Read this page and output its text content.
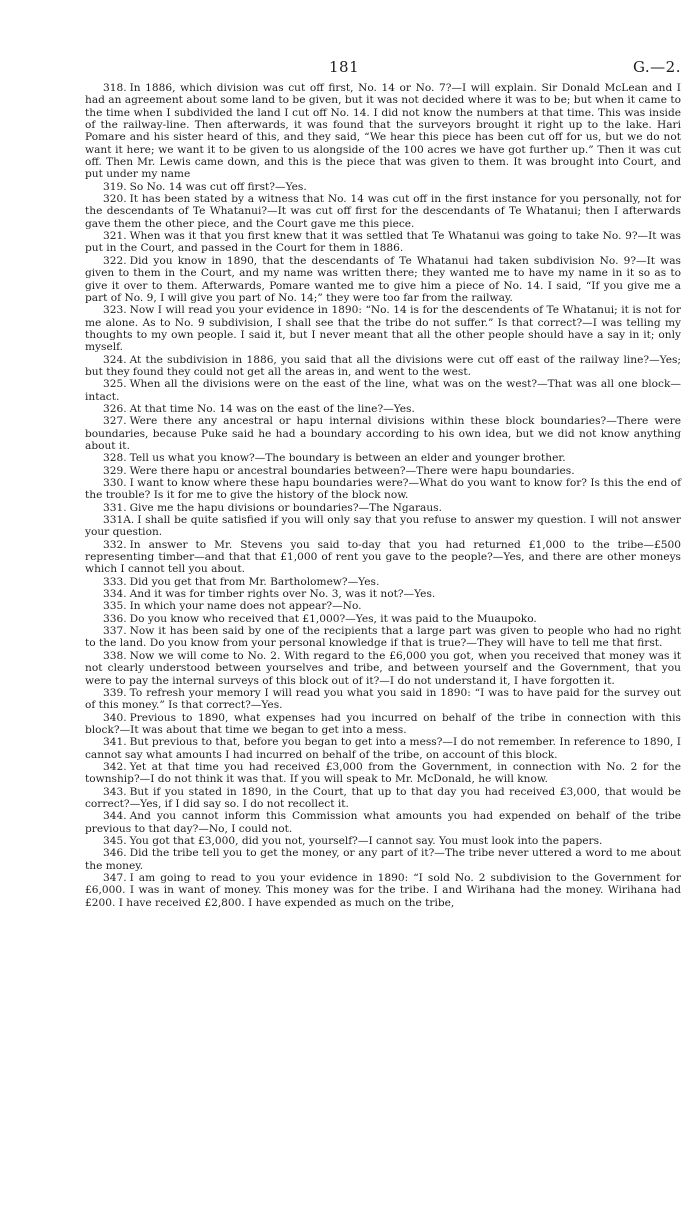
181	G.—2.

318. In 1886, which division was cut off first, No. 14 or No. 7?—I will explain. Sir Donald McLean and I had an agreement about some land to be given, but it was not decided where it was to be; but when it came to the time when I subdivided the land I cut off No. 14. I did not know the numbers at that time. This was inside of the railway-line. Then afterwards, it was found that the surveyors brought it right up to the lake. Hari Pomare and his sister heard of this, and they said, “We hear this piece has been cut off for us, but we do not want it here; we want it to be given to us alongside of the 100 acres we have got further up.” Then it was cut off. Then Mr. Lewis came down, and this is the piece that was given to them. It was brought into Court, and put under my name

319. So No. 14 was cut off first?—Yes.

320. It has been stated by a witness that No. 14 was cut off in the first instance for you personally, not for the descendants of Te Whatanui?—It was cut off first for the descendants of Te Whatanui; then I afterwards gave them the other piece, and the Court gave me this piece.

321. When was it that you first knew that it was settled that Te Whatanui was going to take No. 9?—It was put in the Court, and passed in the Court for them in 1886.

322. Did you know in 1890, that the descendants of Te Whatanui had taken subdivision No. 9?—It was given to them in the Court, and my name was written there; they wanted me to have my name in it so as to give it over to them. Afterwards, Pomare wanted me to give him a piece of No. 14. I said, “If you give me a part of No. 9, I will give you part of No. 14;” they were too far from the railway.

323. Now I will read you your evidence in 1890: “No. 14 is for the descendents of Te Whatanui; it is not for me alone. As to No. 9 subdivision, I shall see that the tribe do not suffer.” Is that correct?—I was telling my thoughts to my own people. I said it, but I never meant that all the other people should have a say in it; only myself.

324. At the subdivision in 1886, you said that all the divisions were cut off east of the railway line?—Yes; but they found they could not get all the areas in, and went to the west.

325. When all the divisions were on the east of the line, what was on the west?—That was all one block—intact.

326. At that time No. 14 was on the east of the line?—Yes.

327. Were there any ancestral or hapu internal divisions within these block boundaries?—There were boundaries, because Puke said he had a boundary according to his own idea, but we did not know anything about it.

328. Tell us what you know?—The boundary is between an elder and younger brother.

329. Were there hapu or ancestral boundaries between?—There were hapu boundaries.

330. I want to know where these hapu boundaries were?—What do you want to know for? Is this the end of the trouble? Is it for me to give the history of the block now.

331. Give me the hapu divisions or boundaries?—The Ngaraus.

331A. I shall be quite satisfied if you will only say that you refuse to answer my question. I will not answer your question.

332. In answer to Mr. Stevens you said to-day that you had returned £1,000 to the tribe—£500 representing timber—and that that £1,000 of rent you gave to the people?—Yes, and there are other moneys which I cannot tell you about.

333. Did you get that from Mr. Bartholomew?—Yes.

334. And it was for timber rights over No. 3, was it not?—Yes.

335. In which your name does not appear?—No.

336. Do you know who received that £1,000?—Yes, it was paid to the Muaupoko.

337. Now it has been said by one of the recipients that a large part was given to people who had no right to the land. Do you know from your personal knowledge if that is true?—They will have to tell me that first.

338. Now we will come to No. 2. With regard to the £6,000 you got, when you received that money was it not clearly understood between yourselves and tribe, and between yourself and the Government, that you were to pay the internal surveys of this block out of it?—I do not understand it, I have forgotten it.

339. To refresh your memory I will read you what you said in 1890: “I was to have paid for the survey out of this money.” Is that correct?—Yes.

340. Previous to 1890, what expenses had you incurred on behalf of the tribe in connection with this block?—It was about that time we began to get into a mess.

341. But previous to that, before you began to get into a mess?—I do not remember. In reference to 1890, I cannot say what amounts I had incurred on behalf of the tribe, on account of this block.

342. Yet at that time you had received £3,000 from the Government, in connection with No. 2 for the township?—I do not think it was that. If you will speak to Mr. McDonald, he will know.

343. But if you stated in 1890, in the Court, that up to that day you had received £3,000, that would be correct?—Yes, if I did say so. I do not recollect it.

344. And you cannot inform this Commission what amounts you had expended on behalf of the tribe previous to that day?—No, I could not.

345. You got that £3,000, did you not, yourself?—I cannot say. You must look into the papers.

346. Did the tribe tell you to get the money, or any part of it?—The tribe never uttered a word to me about the money.

347. I am going to read to you your evidence in 1890: “I sold No. 2 subdivision to the Government for £6,000. I was in want of money. This money was for the tribe. I and Wirihana had the money. Wirihana had £200. I have received £2,800. I have expended as much on the tribe,
